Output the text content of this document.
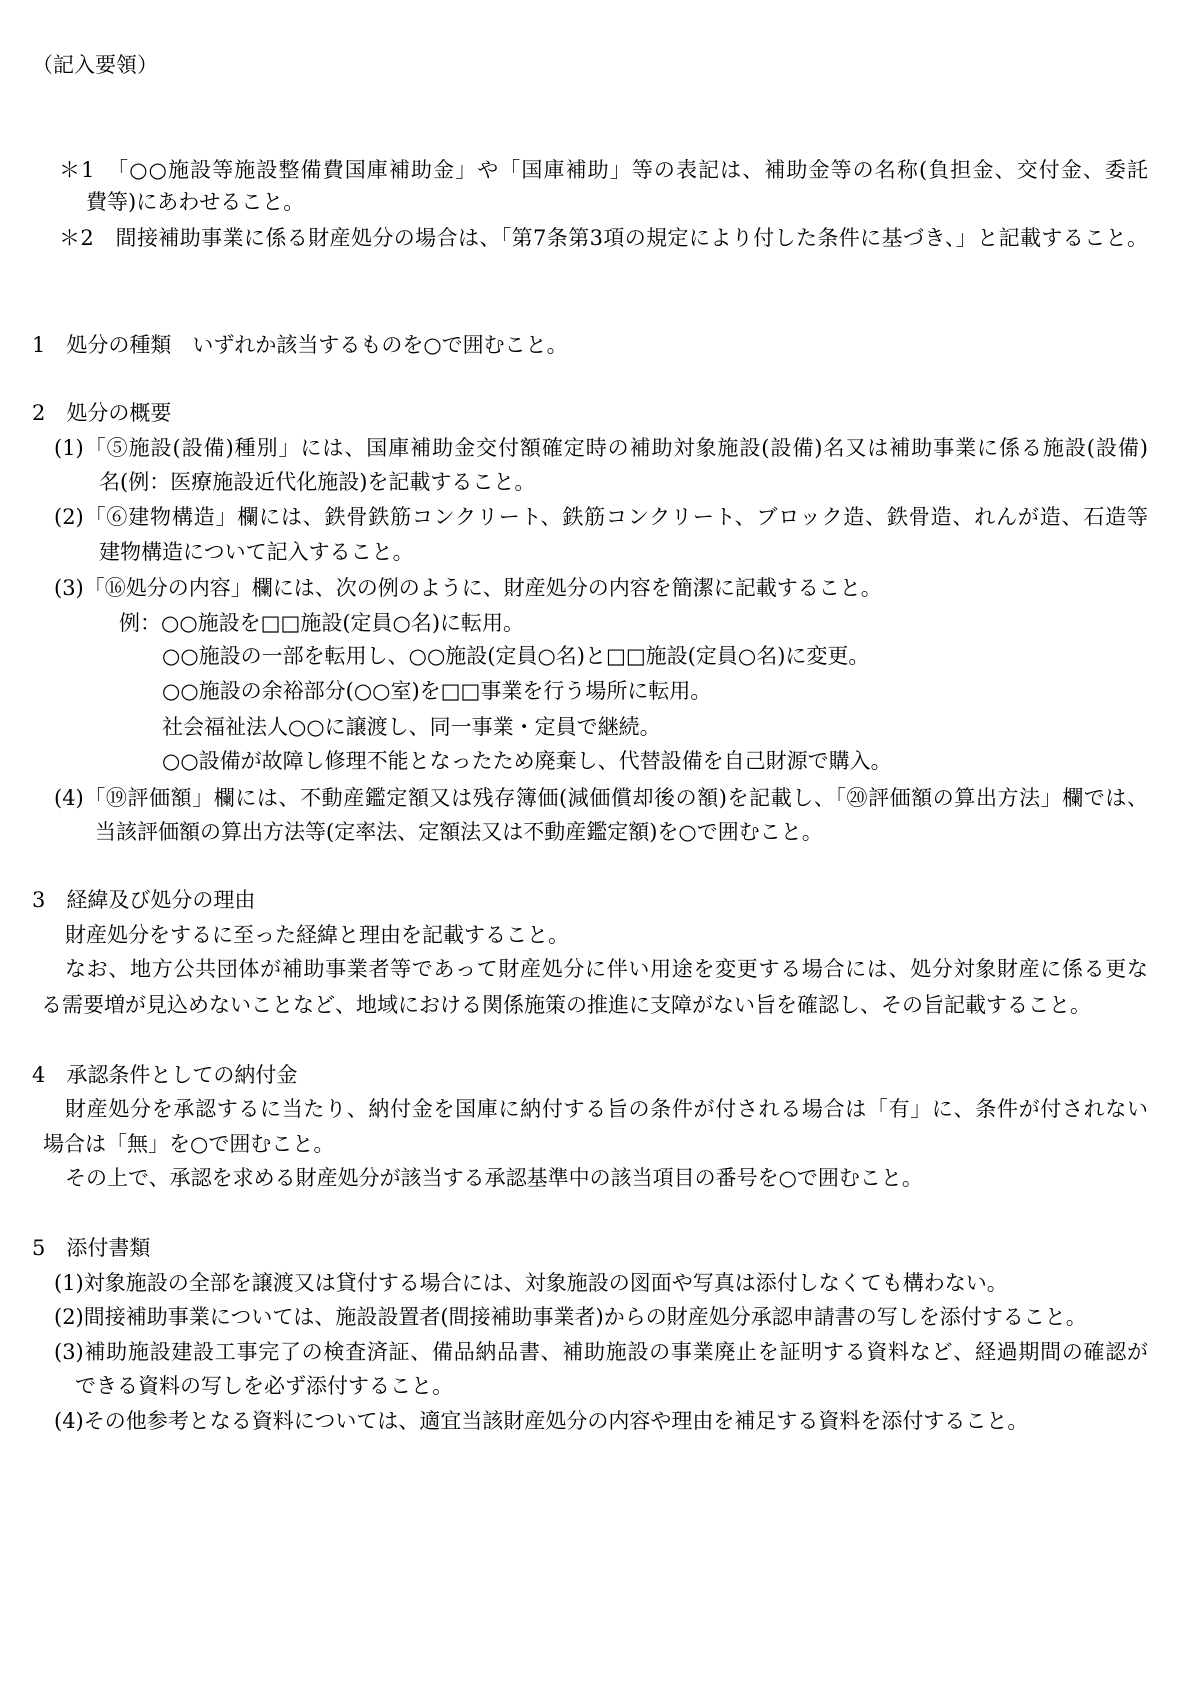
（記入要領）
＊1　「○○施設等施設整備費国庫補助金」や「国庫補助」等の表記は、補助金等の名称(負担金、交付金、委託
費等)にあわせること。
＊2　間接補助事業に係る財産処分の場合は、「第7条第3項の規定により付した条件に基づき、」と記載すること。
1　処分の種類　いずれか該当するものを○で囲むこと。
2　処分の概要
(1)「⑤施設(設備)種別」には、国庫補助金交付額確定時の補助対象施設(設備)名又は補助事業に係る施設(設備)
名(例：医療施設近代化施設)を記載すること。
(2)「⑥建物構造」欄には、鉄骨鉄筋コンクリート、鉄筋コンクリート、ブロック造、鉄骨造、れんが造、石造等
建物構造について記入すること。
(3)「⑯処分の内容」欄には、次の例のように、財産処分の内容を簡潔に記載すること。
例：○○施設を□□施設(定員○名)に転用。
○○施設の一部を転用し、○○施設(定員○名)と□□施設(定員○名)に変更。
○○施設の余裕部分(○○室)を□□事業を行う場所に転用。
社会福祉法人○○に譲渡し、同一事業・定員で継続。
○○設備が故障し修理不能となったため廃棄し、代替設備を自己財源で購入。
(4)「⑲評価額」欄には、不動産鑑定額又は残存簿価(減価償却後の額)を記載し、「⑳評価額の算出方法」欄では、
当該評価額の算出方法等(定率法、定額法又は不動産鑑定額)を○で囲むこと。
3　経緯及び処分の理由
財産処分をするに至った経緯と理由を記載すること。
なお、地方公共団体が補助事業者等であって財産処分に伴い用途を変更する場合には、処分対象財産に係る更な
る需要増が見込めないことなど、地域における関係施策の推進に支障がない旨を確認し、その旨記載すること。
4　承認条件としての納付金
財産処分を承認するに当たり、納付金を国庫に納付する旨の条件が付される場合は「有」に、条件が付されない
場合は「無」を○で囲むこと。
その上で、承認を求める財産処分が該当する承認基準中の該当項目の番号を○で囲むこと。
5　添付書類
(1)対象施設の全部を譲渡又は貸付する場合には、対象施設の図面や写真は添付しなくても構わない。
(2)間接補助事業については、施設設置者(間接補助事業者)からの財産処分承認申請書の写しを添付すること。
(3)補助施設建設工事完了の検査済証、備品納品書、補助施設の事業廃止を証明する資料など、経過期間の確認が
できる資料の写しを必ず添付すること。
(4)その他参考となる資料については、適宜当該財産処分の内容や理由を補足する資料を添付すること。
